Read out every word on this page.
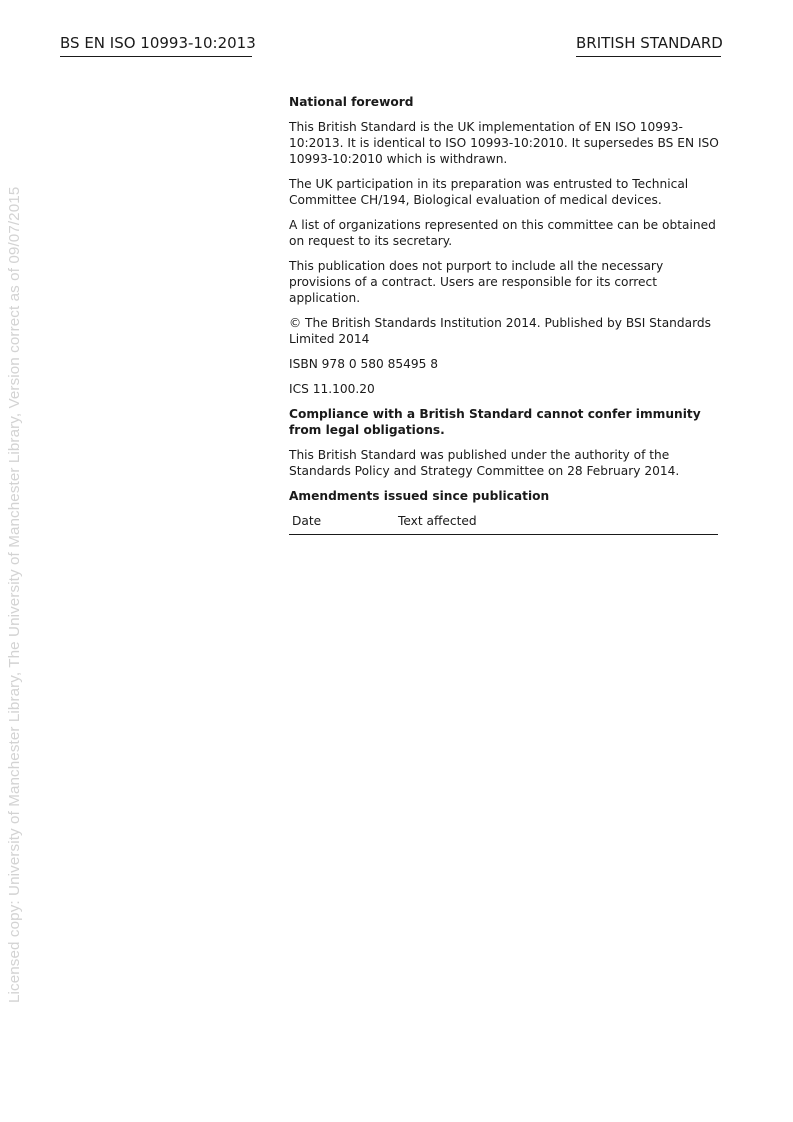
BS EN ISO 10993-10:2013	BRITISH STANDARD
Licensed copy: University of Manchester Library, The University of Manchester Library, Version correct as of 09/07/2015

National foreword

This British Standard is the UK implementation of EN ISO 10993-10:2013. It is identical to ISO 10993-10:2010. It supersedes BS EN ISO 10993-10:2010 which is withdrawn.

The UK participation in its preparation was entrusted to Technical Committee CH/194, Biological evaluation of medical devices.

A list of organizations represented on this committee can be obtained on request to its secretary.

This publication does not purport to include all the necessary provisions of a contract. Users are responsible for its correct application.

© The British Standards Institution 2014. Published by BSI Standards Limited 2014

ISBN 978 0 580 85495 8

ICS 11.100.20

Compliance with a British Standard cannot confer immunity from legal obligations.

This British Standard was published under the authority of the Standards Policy and Strategy Committee on 28 February 2014.

Amendments issued since publication

Date	Text affected
